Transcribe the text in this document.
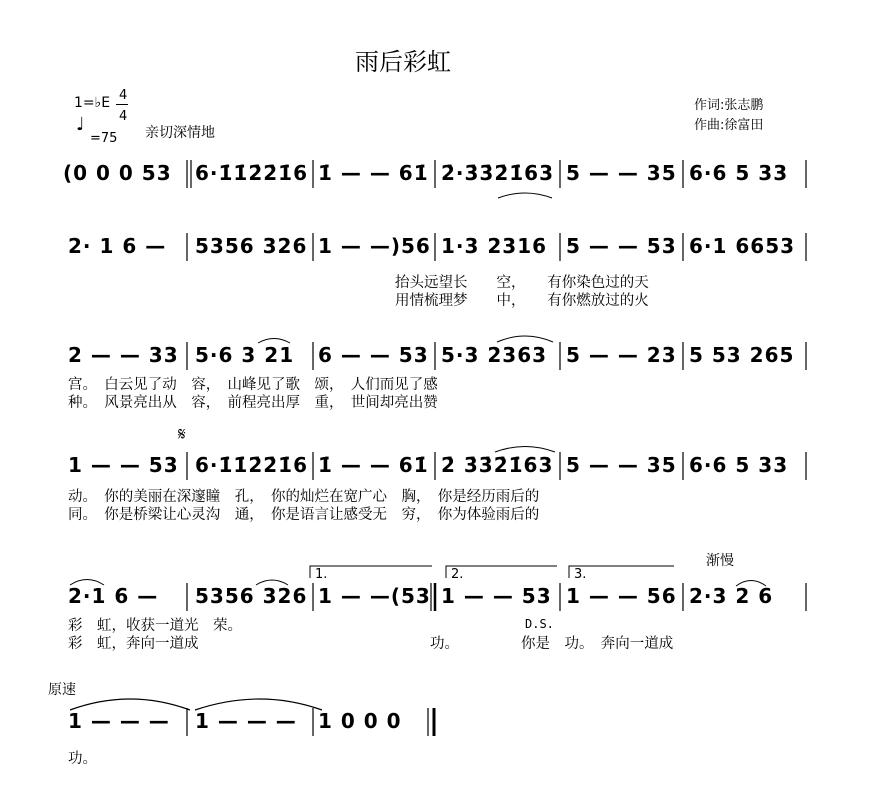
雨后彩虹
1=♭E 4
4
♩
=75 亲切深情地
作词:张志鹏
作曲:徐富田
(0 0 0 53 6·1̇1̇2̇2̇1̇6 1̇ — — 61̇ 2̇·3̇3̇2̇1̇63 5 — — 35 6·6 5 33
2· 1 6 — 5356 326 1 — —)56 1·3 2316 5 — — 53 6·1 6653
抬头远望长　　空，　　有你染色过的天
用情梳理梦　　中，　　有你燃放过的火
2 — — 33 5·6 3 21 6 — — 53 5·3 2363 5 — — 23 5 53 265
宫。　白云见了动　容，　山峰见了歌　颂，　人们而见了感
种。　风景亮出从　容，　前程亮出厚　重，　世间却亮出赞
𝄋
1 — — 53 6·1̇1̇2̇2̇1̇6 1̇ — — 61̇ 2̇ 3̇3̇2̇1̇63 5 — — 35 6·6 5 33
动。　你的美丽在深邃瞳　孔，　你的灿烂在宽广心　胸，　你是经历雨后的
同。　你是桥梁让心灵沟　通，　你是语言让感受无　穷，　你为体验雨后的
1.	2.	3.
渐慢
2·1 6 — 5356 326 1 — —(53 1 — — 53 1 — — 56 2·3 2 6
D.S.
彩　虹，收获一道光　荣。
你是　功。　奔向一道成
彩　虹，奔向一道成	功。
原速
1 — — — 1 — — — 1 0 0 0
功。
